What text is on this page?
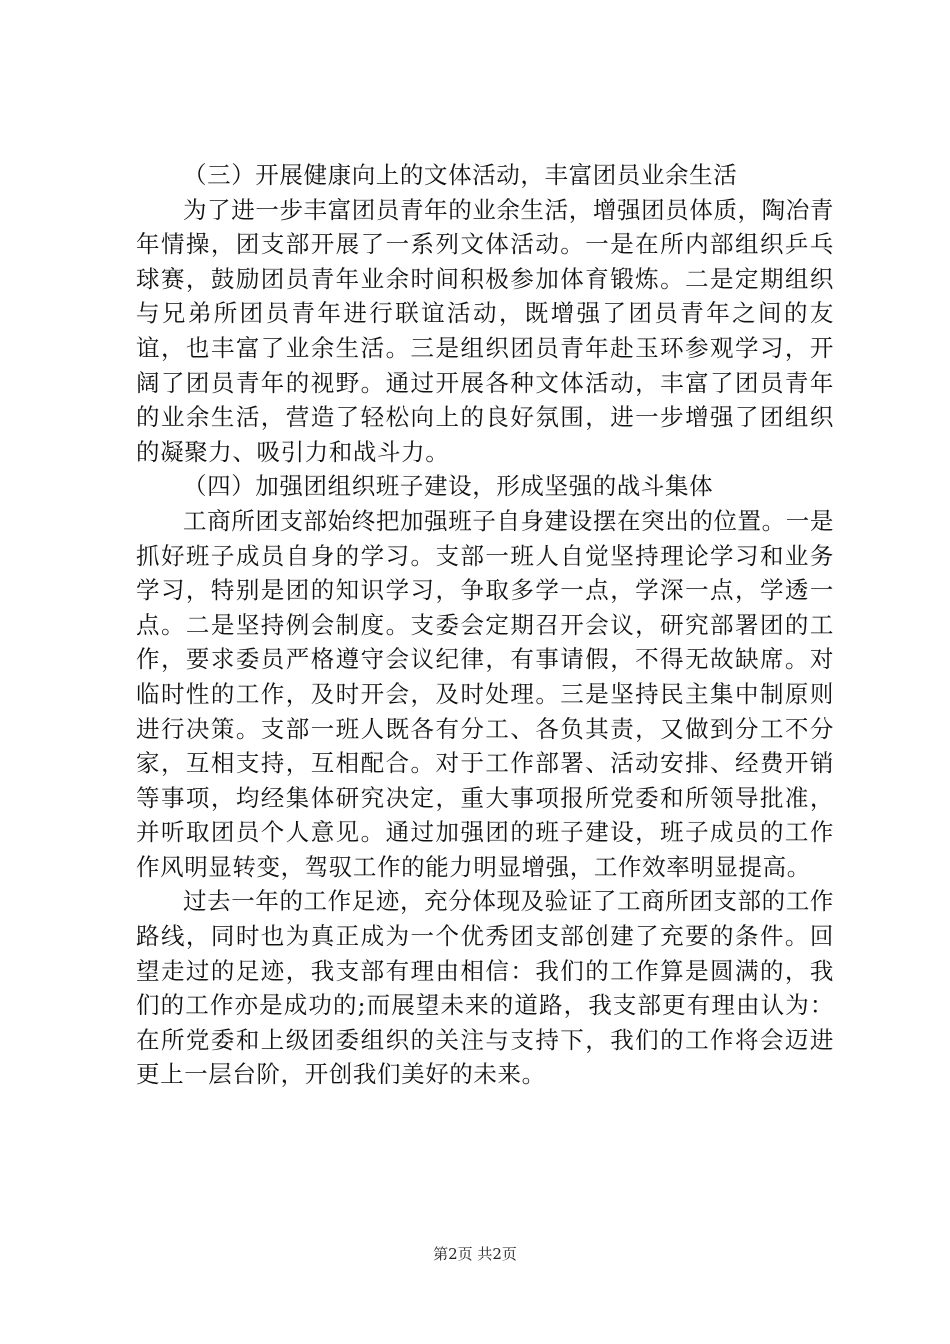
（三）开展健康向上的文体活动，丰富团员业余生活

为了进一步丰富团员青年的业余生活，增强团员体质，陶冶青年情操，团支部开展了一系列文体活动。一是在所内部组织乒乓球赛，鼓励团员青年业余时间积极参加体育锻炼。二是定期组织与兄弟所团员青年进行联谊活动，既增强了团员青年之间的友谊，也丰富了业余生活。三是组织团员青年赴玉环参观学习，开阔了团员青年的视野。通过开展各种文体活动，丰富了团员青年的业余生活，营造了轻松向上的良好氛围，进一步增强了团组织的凝聚力、吸引力和战斗力。

（四）加强团组织班子建设，形成坚强的战斗集体

工商所团支部始终把加强班子自身建设摆在突出的位置。一是抓好班子成员自身的学习。支部一班人自觉坚持理论学习和业务学习，特别是团的知识学习，争取多学一点，学深一点，学透一点。二是坚持例会制度。支委会定期召开会议，研究部署团的工作，要求委员严格遵守会议纪律，有事请假，不得无故缺席。对临时性的工作，及时开会，及时处理。三是坚持民主集中制原则进行决策。支部一班人既各有分工、各负其责，又做到分工不分家，互相支持，互相配合。对于工作部署、活动安排、经费开销等事项，均经集体研究决定，重大事项报所党委和所领导批准，并听取团员个人意见。通过加强团的班子建设，班子成员的工作作风明显转变，驾驭工作的能力明显增强，工作效率明显提高。

过去一年的工作足迹，充分体现及验证了工商所团支部的工作路线，同时也为真正成为一个优秀团支部创建了充要的条件。回望走过的足迹，我支部有理由相信：我们的工作算是圆满的，我们的工作亦是成功的;而展望未来的道路，我支部更有理由认为：在所党委和上级团委组织的关注与支持下，我们的工作将会迈进更上一层台阶，开创我们美好的未来。

第2页 共2页
